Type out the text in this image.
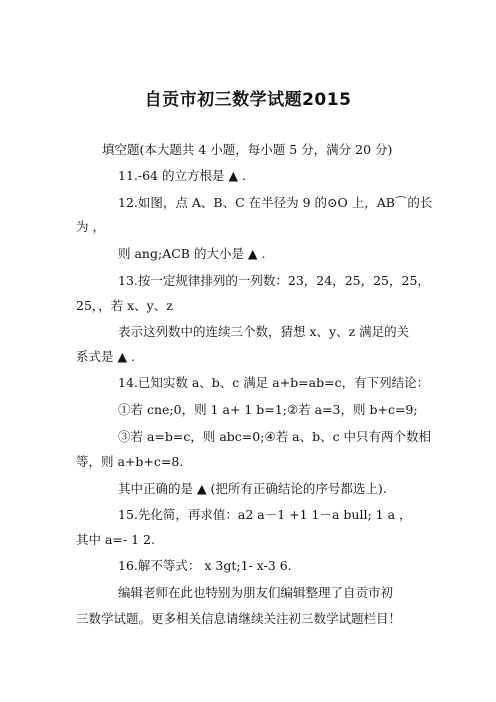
自贡市初三数学试题2015
填空题(本大题共 4 小题，每小题 5 分，满分 20 分)
11.-64 的立方根是 ▲ .
12.如图，点 A、B、C 在半径为 9 的⊙O 上，AB⌒的长
为 ，
则 ang;ACB 的大小是 ▲ .
13.按一定规律排列的一列数：23，24，25，25，25，
25，，若 x、y、z
表示这列数中的连续三个数，猜想 x、y、z 满足的关
系式是 ▲ .
14.已知实数 a、b、c 满足 a+b=ab=c，有下列结论：
①若 cne;0，则 1 a+ 1 b=1;②若 a=3，则 b+c=9;
③若 a=b=c，则 abc=0;④若 a、b、c 中只有两个数相
等，则 a+b+c=8.
其中正确的是 ▲ (把所有正确结论的序号都选上).
15.先化简，再求值：a2 a－1 +1 1－a bull; 1 a ，
其中 a=- 1 2.
16.解不等式： x 3gt;1- x-3 6.
编辑老师在此也特别为朋友们编辑整理了自贡市初
三数学试题。更多相关信息请继续关注初三数学试题栏目！
